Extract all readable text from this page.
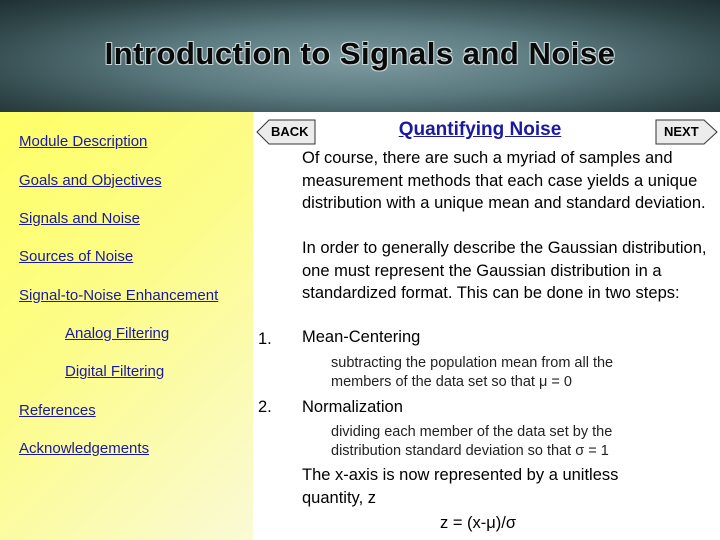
Introduction to Signals and Noise
Module Description
Goals and Objectives
Signals and Noise
Sources of Noise
Signal-to-Noise Enhancement
Analog Filtering
Digital Filtering
References
Acknowledgements
BACK	Quantifying Noise	NEXT
Of course, there are such a myriad of samples and measurement methods that each case yields a unique distribution with a unique mean and standard deviation.
In order to generally describe the Gaussian distribution, one must represent the Gaussian distribution in a standardized format. This can be done in two steps:
1. Mean-Centering
subtracting the population mean from all the members of the data set so that μ = 0
2. Normalization
dividing each member of the data set by the distribution standard deviation so that σ = 1
The x-axis is now represented by a unitless quantity, z
z = (x-μ)/σ
